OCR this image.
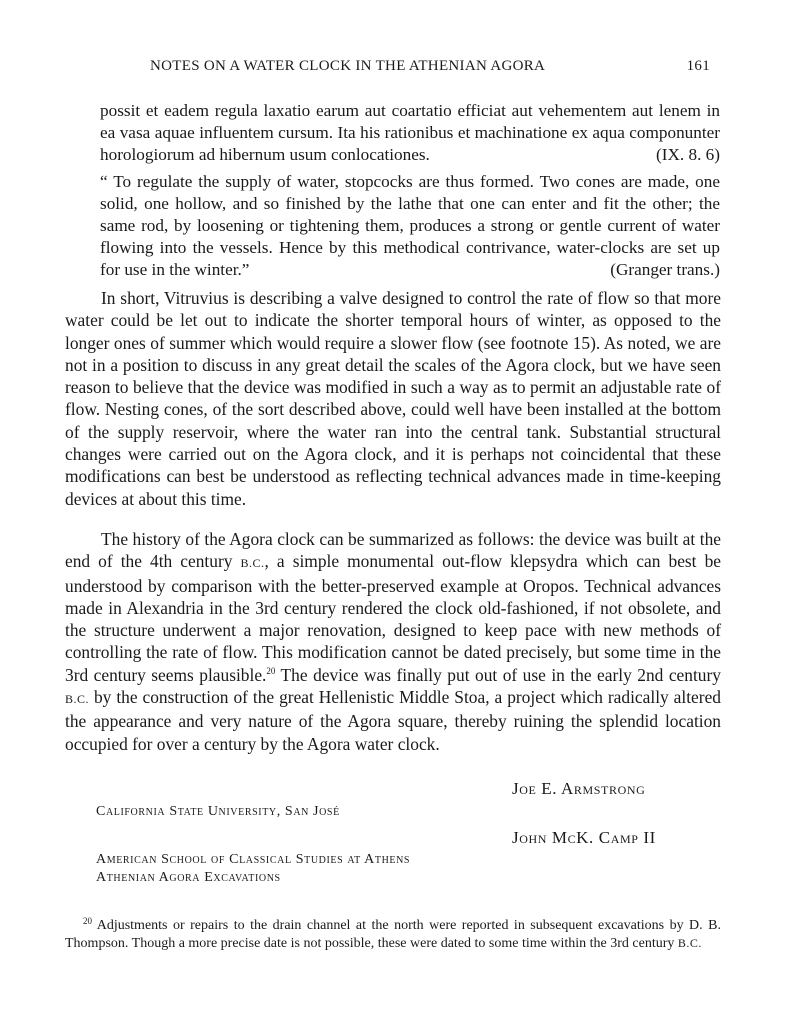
NOTES ON A WATER CLOCK IN THE ATHENIAN AGORA	161
possit et eadem regula laxatio earum aut coartatio efficiat aut vehementem aut lenem in ea vasa aquae influentem cursum. Ita his rationibus et machinatione ex aqua componunter horologiorum ad hibernum usum conlocationes.	(IX. 8. 6)
“ To regulate the supply of water, stopcocks are thus formed. Two cones are made, one solid, one hollow, and so finished by the lathe that one can enter and fit the other; the same rod, by loosening or tightening them, produces a strong or gentle current of water flowing into the vessels. Hence by this methodical contrivance, water-clocks are set up for use in the winter.”	(Granger trans.)

In short, Vitruvius is describing a valve designed to control the rate of flow so that more water could be let out to indicate the shorter temporal hours of winter, as opposed to the longer ones of summer which would require a slower flow (see footnote 15). As noted, we are not in a position to discuss in any great detail the scales of the Agora clock, but we have seen reason to believe that the device was modified in such a way as to permit an adjustable rate of flow. Nesting cones, of the sort described above, could well have been installed at the bottom of the supply reservoir, where the water ran into the central tank. Substantial structural changes were carried out on the Agora clock, and it is perhaps not coincidental that these modifications can best be understood as reflecting technical advances made in time-keeping devices at about this time.

The history of the Agora clock can be summarized as follows: the device was built at the end of the 4th century B.C., a simple monumental out-flow klepsydra which can best be understood by comparison with the better-preserved example at Oropos. Technical advances made in Alexandria in the 3rd century rendered the clock old-fashioned, if not obsolete, and the structure underwent a major renovation, designed to keep pace with new methods of controlling the rate of flow. This modification cannot be dated precisely, but some time in the 3rd century seems plausible.$^{20}$ The device was finally put out of use in the early 2nd century B.C. by the construction of the great Hellenistic Middle Stoa, a project which radically altered the appearance and very nature of the Agora square, thereby ruining the splendid location occupied for over a century by the Agora water clock.

Joe E. Armstrong
John McK. Camp II
California State University, San José
American School of Classical Studies at Athens
Athenian Agora Excavations
$^{20}$ Adjustments or repairs to the drain channel at the north were reported in subsequent excavations by D. B. Thompson. Though a more precise date is not possible, these were dated to some time within the 3rd century B.C.
